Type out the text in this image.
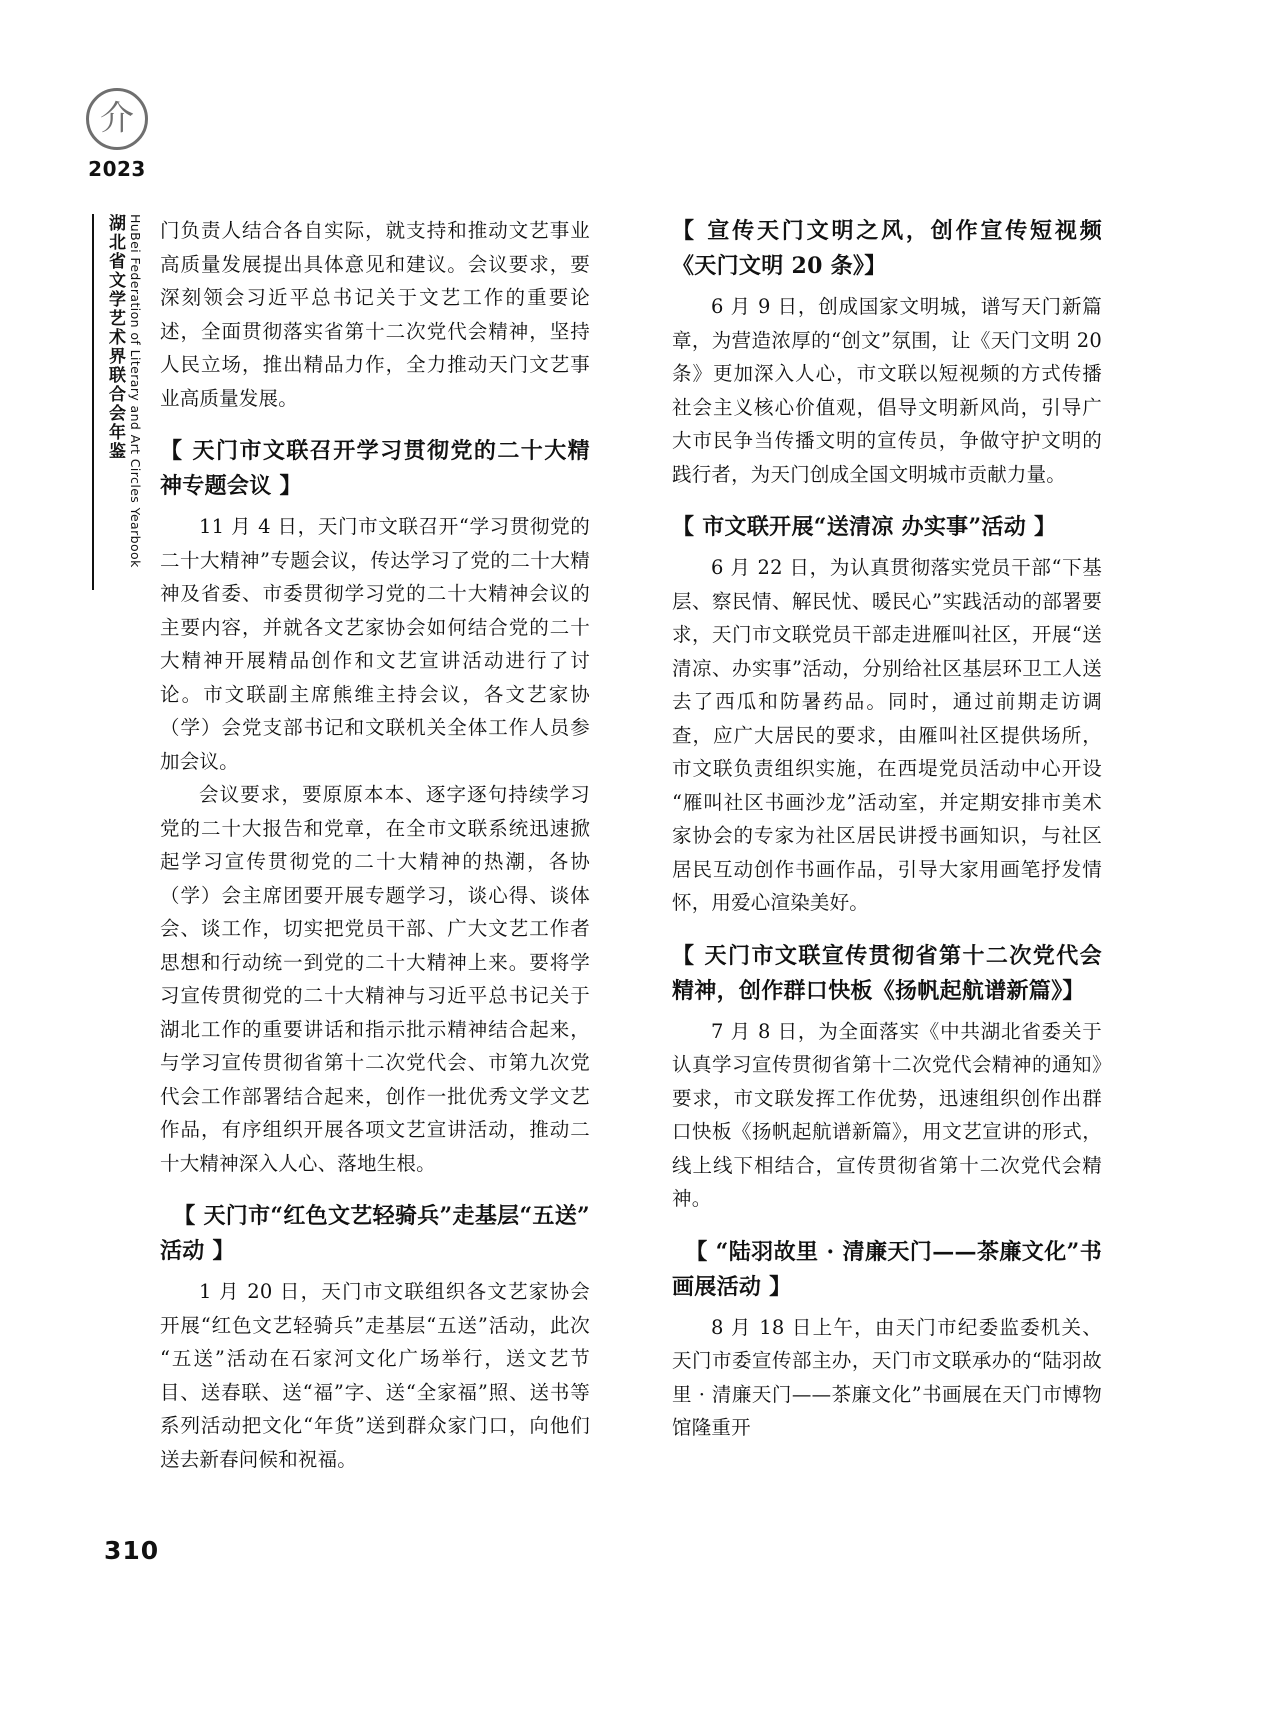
介
2023
湖北省文学艺术界联合会年鉴 HuBei Federation of Literary and Art Circles Yearbook 门负责人结合各自实际，就支持和推动文艺事业高质量发展提出具体意见和建议。会议要求，要深刻领会习近平总书记关于文艺工作的重要论述，全面贯彻落实省第十二次党代会精神，坚持人民立场，推出精品力作，全力推动天门文艺事业高质量发展。

【 天门市文联召开学习贯彻党的二十大精神专题会议 】

11 月 4 日，天门市文联召开“学习贯彻党的二十大精神”专题会议，传达学习了党的二十大精神及省委、市委贯彻学习党的二十大精神会议的主要内容，并就各文艺家协会如何结合党的二十大精神开展精品创作和文艺宣讲活动进行了讨论。市文联副主席熊维主持会议，各文艺家协（学）会党支部书记和文联机关全体工作人员参加会议。

会议要求，要原原本本、逐字逐句持续学习党的二十大报告和党章，在全市文联系统迅速掀起学习宣传贯彻党的二十大精神的热潮，各协（学）会主席团要开展专题学习，谈心得、谈体会、谈工作，切实把党员干部、广大文艺工作者思想和行动统一到党的二十大精神上来。要将学习宣传贯彻党的二十大精神与习近平总书记关于湖北工作的重要讲话和指示批示精神结合起来，与学习宣传贯彻省第十二次党代会、市第九次党代会工作部署结合起来，创作一批优秀文学文艺作品，有序组织开展各项文艺宣讲活动，推动二十大精神深入人心、落地生根。

【 天门市“红色文艺轻骑兵”走基层“五送”活动 】

1 月 20 日，天门市文联组织各文艺家协会开展“红色文艺轻骑兵”走基层“五送”活动，此次“五送”活动在石家河文化广场举行，送文艺节目、送春联、送“福”字、送“全家福”照、送书等系列活动把文化“年货”送到群众家门口，向他们送去新春问候和祝福。

【 宣传天门文明之风，创作宣传短视频《天门文明 20 条》】

6 月 9 日，创成国家文明城，谱写天门新篇章，为营造浓厚的“创文”氛围，让《天门文明 20 条》更加深入人心，市文联以短视频的方式传播社会主义核心价值观，倡导文明新风尚，引导广大市民争当传播文明的宣传员，争做守护文明的践行者，为天门创成全国文明城市贡献力量。

【 市文联开展“送清凉 办实事”活动 】

6 月 22 日，为认真贯彻落实党员干部“下基层、察民情、解民忧、暖民心”实践活动的部署要求，天门市文联党员干部走进雁叫社区，开展“送清凉、办实事”活动，分别给社区基层环卫工人送去了西瓜和防暑药品。同时，通过前期走访调查，应广大居民的要求，由雁叫社区提供场所，市文联负责组织实施，在西堤党员活动中心开设“雁叫社区书画沙龙”活动室，并定期安排市美术家协会的专家为社区居民讲授书画知识，与社区居民互动创作书画作品，引导大家用画笔抒发情怀，用爱心渲染美好。

【 天门市文联宣传贯彻省第十二次党代会精神，创作群口快板《扬帆起航谱新篇》】

7 月 8 日，为全面落实《中共湖北省委关于认真学习宣传贯彻省第十二次党代会精神的通知》要求，市文联发挥工作优势，迅速组织创作出群口快板《扬帆起航谱新篇》，用文艺宣讲的形式，线上线下相结合，宣传贯彻省第十二次党代会精神。

【 “陆羽故里 · 清廉天门——茶廉文化”书画展活动 】

8 月 18 日上午，由天门市纪委监委机关、天门市委宣传部主办，天门市文联承办的“陆羽故里 · 清廉天门——茶廉文化”书画展在天门市博物馆隆重开

310
